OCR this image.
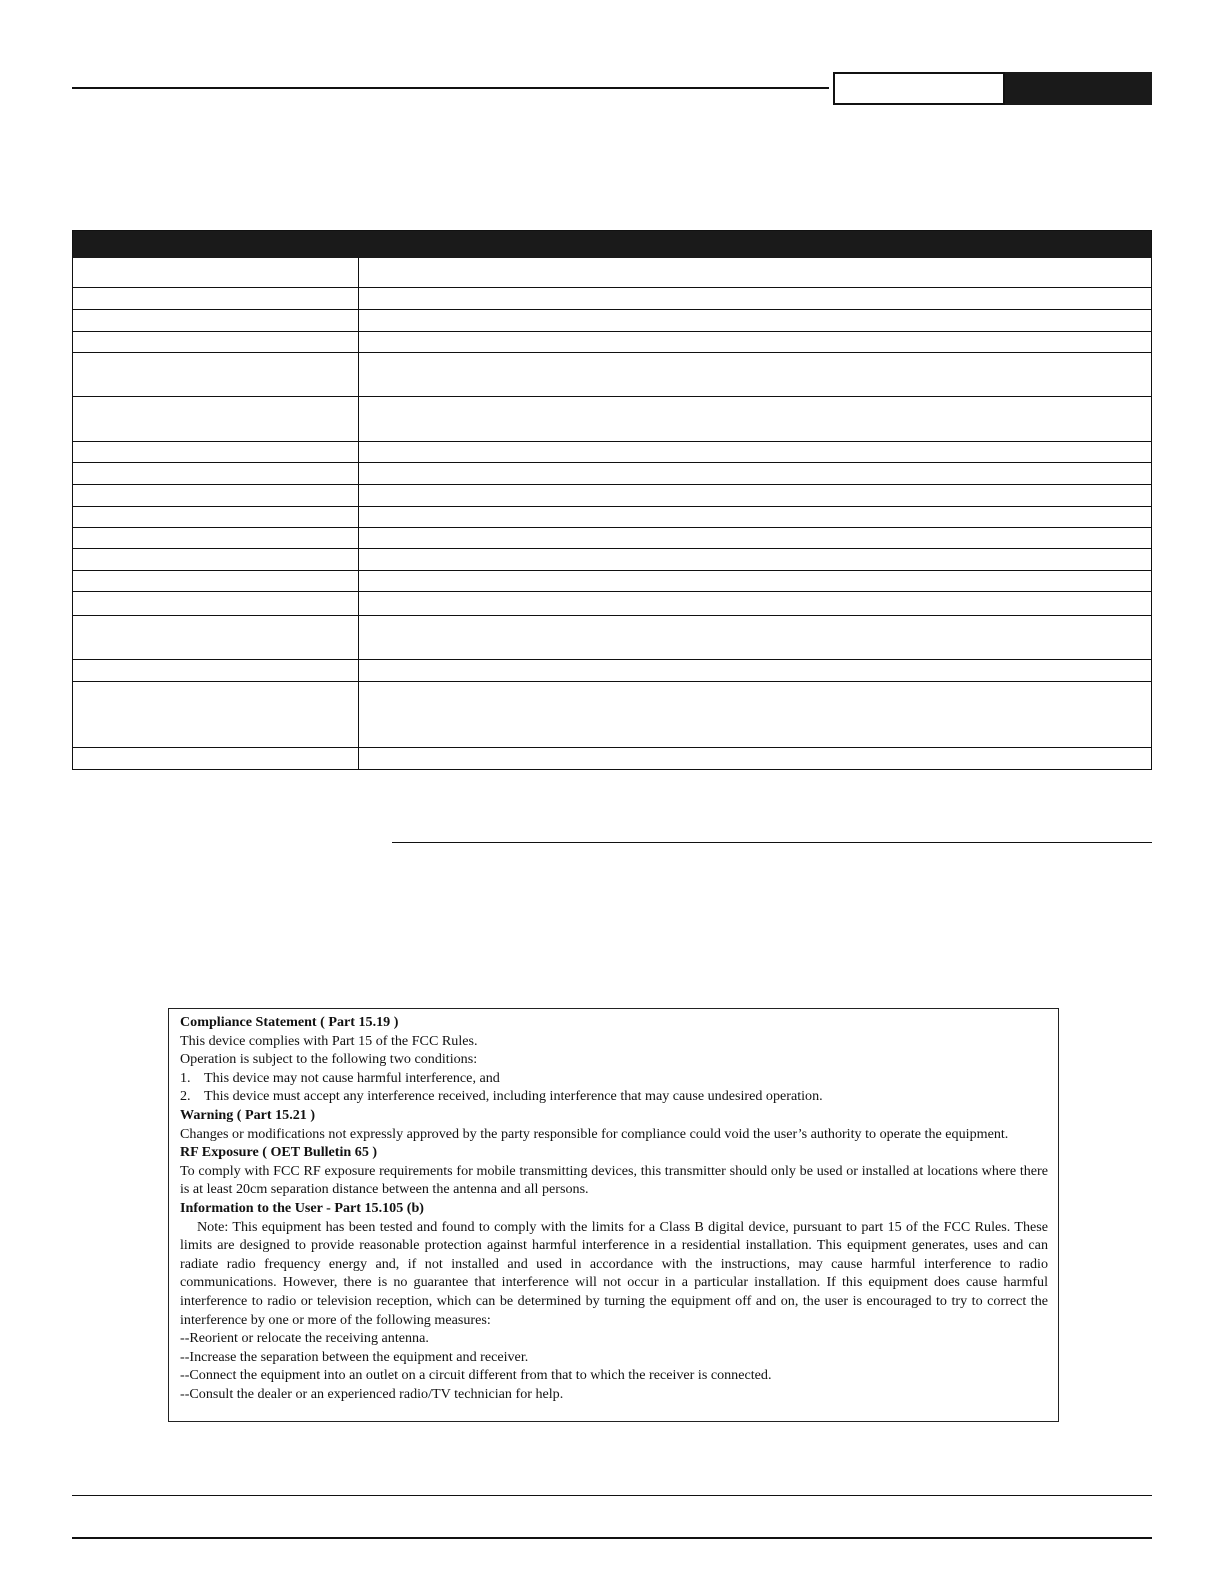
Compliance Statement ( Part 15.19 )

This device complies with Part 15 of the FCC Rules.

Operation is subject to the following two conditions:

1. This device may not cause harmful interference, and
2. This device must accept any interference received, including interference that may cause undesired operation.

Warning ( Part 15.21 )

Changes or modifications not expressly approved by the party responsible for compliance could void the user’s authority to operate the equipment.

RF Exposure ( OET Bulletin 65 )

To comply with FCC RF exposure requirements for mobile transmitting devices, this transmitter should only be used or installed at locations where there is at least 20cm separation distance between the antenna and all persons.

Information to the User - Part 15.105 (b)

Note: This equipment has been tested and found to comply with the limits for a Class B digital device, pursuant to part 15 of the FCC Rules. These limits are designed to provide reasonable protection against harmful interference in a residential installation. This equipment generates, uses and can radiate radio frequency energy and, if not installed and used in accordance with the instructions, may cause harmful interference to radio communications. However, there is no guarantee that interference will not occur in a particular installation. If this equipment does cause harmful interference to radio or television reception, which can be determined by turning the equipment off and on, the user is encouraged to try to correct the interference by one or more of the following measures:

--Reorient or relocate the receiving antenna.

--Increase the separation between the equipment and receiver.

--Connect the equipment into an outlet on a circuit different from that to which the receiver is connected.

--Consult the dealer or an experienced radio/TV technician for help.
